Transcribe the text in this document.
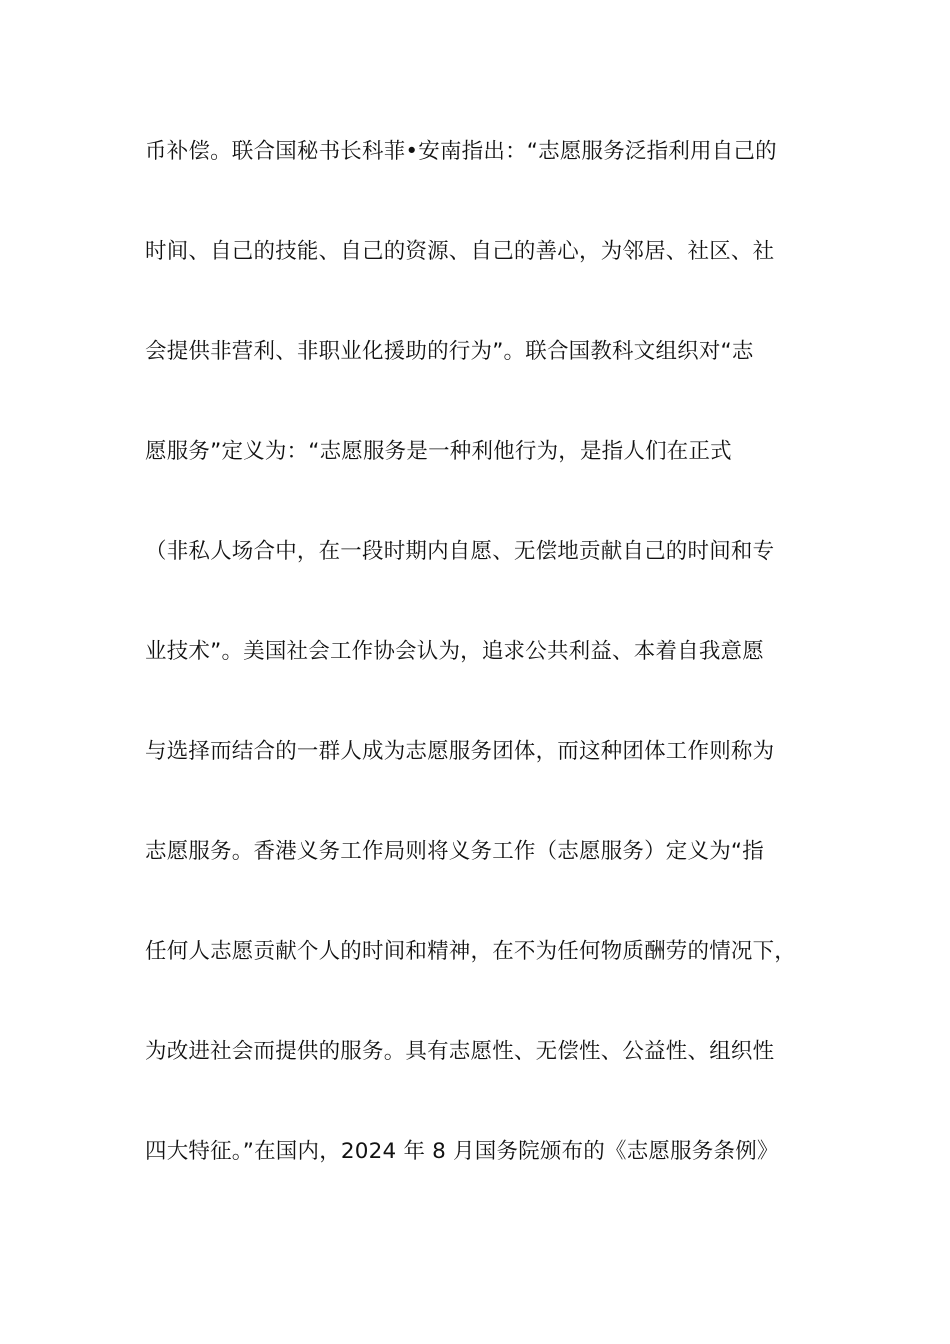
币补偿。联合国秘书长科菲•安南指出：“志愿服务泛指利用自己的
时间、自己的技能、自己的资源、自己的善心，为邻居、社区、社
会提供非营利、非职业化援助的行为”。联合国教科文组织对“志
愿服务”定义为：“志愿服务是一种利他行为，是指人们在正式
（非私人场合中，在一段时期内自愿、无偿地贡献自己的时间和专
业技术”。美国社会工作协会认为，追求公共利益、本着自我意愿
与选择而结合的一群人成为志愿服务团体，而这种团体工作则称为
志愿服务。香港义务工作局则将义务工作（志愿服务）定义为“指
任何人志愿贡献个人的时间和精神，在不为任何物质酬劳的情况下，
为改进社会而提供的服务。具有志愿性、无偿性、公益性、组织性
四大特征。”在国内，2024 年 8 月国务院颁布的《志愿服务条例》
